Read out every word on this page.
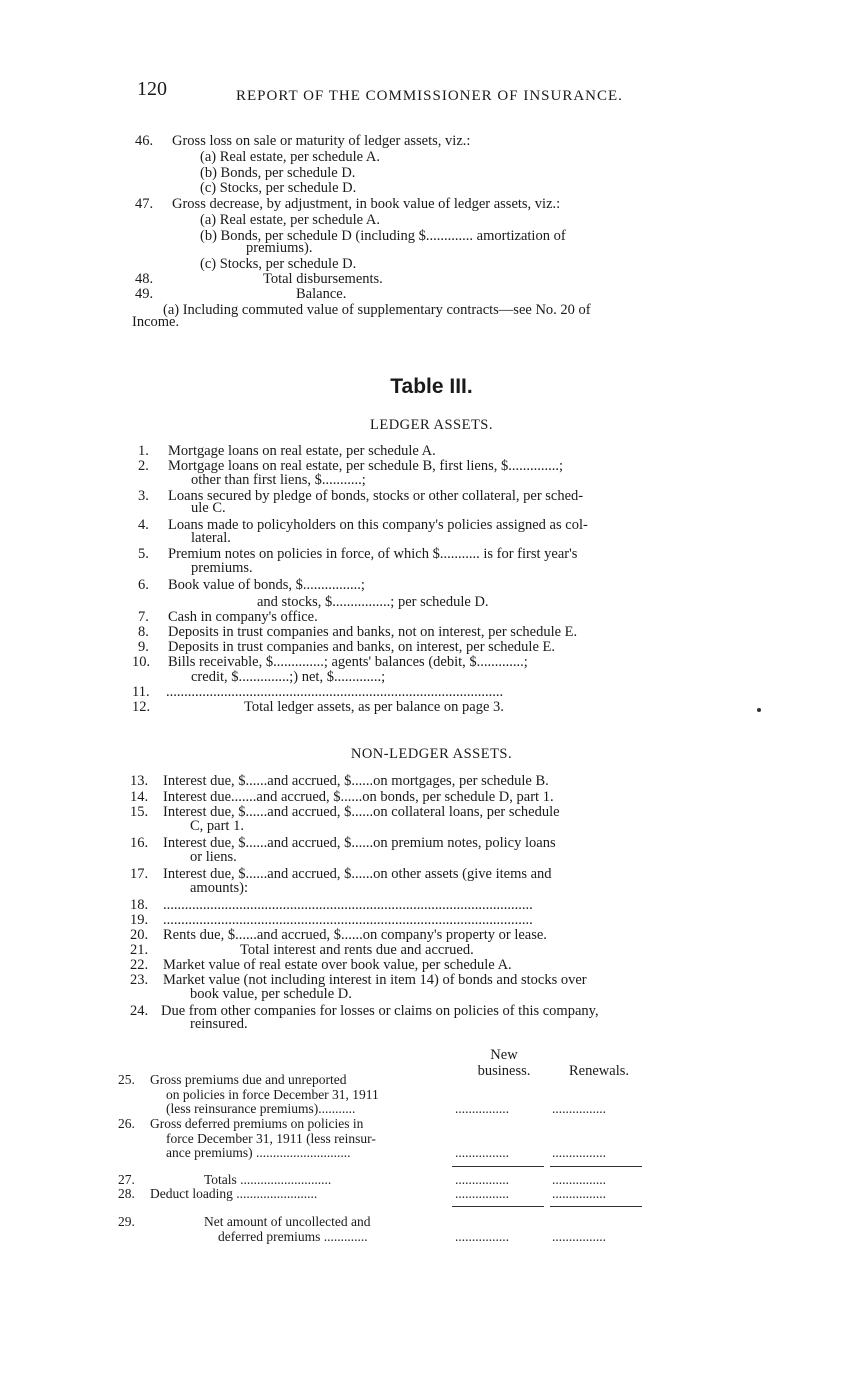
120	REPORT OF THE COMMISSIONER OF INSURANCE.
46. Gross loss on sale or maturity of ledger assets, viz.:
(a) Real estate, per schedule A.
(b) Bonds, per schedule D.
(c) Stocks, per schedule D.
47. Gross decrease, by adjustment, in book value of ledger assets, viz.:
(a) Real estate, per schedule A.
(b) Bonds, per schedule D (including $............. amortization of
premiums).
(c) Stocks, per schedule D.
48.	Total disbursements.
49.	Balance.
(a) Including commuted value of supplementary contracts—see No. 20 of
Income.
Table III.
LEDGER ASSETS.
1. Mortgage loans on real estate, per schedule A.
2. Mortgage loans on real estate, per schedule B, first liens, $..............;
other than first liens, $...........;
3. Loans secured by pledge of bonds, stocks or other collateral, per sched-
ule C.
4. Loans made to policyholders on this company's policies assigned as col-
lateral.
5. Premium notes on policies in force, of which $........... is for first year's
premiums.
6. Book value of bonds, $................;
and stocks, $................; per schedule D.
7. Cash in company's office.
8. Deposits in trust companies and banks, not on interest, per schedule E.
9. Deposits in trust companies and banks, on interest, per schedule E.
10. Bills receivable, $..............; agents' balances (debit, $.............;
credit, $..............;) net, $.............;
11. .............................................................................................
12.	Total ledger assets, as per balance on page 3.
NON-LEDGER ASSETS.
13. Interest due, $......and accrued, $......on mortgages, per schedule B.
14. Interest due.......and accrued, $......on bonds, per schedule D, part 1.
15. Interest due, $......and accrued, $......on collateral loans, per schedule
C, part 1.
16. Interest due, $......and accrued, $......on premium notes, policy loans
or liens.
17. Interest due, $......and accrued, $......on other assets (give items and
amounts):
18. ......................................................................................................
19. ......................................................................................................
20. Rents due, $......and accrued, $......on company's property or lease.
21.	Total interest and rents due and accrued.
22. Market value of real estate over book value, per schedule A.
23. Market value (not including interest in item 14) of bonds and stocks over
book value, per schedule D.
24. Due from other companies for losses or claims on policies of this company,
reinsured.
New
business.	Renewals.
25. Gross premiums due and unreported
on policies in force December 31, 1911
(less reinsurance premiums)...........	................	................
26. Gross deferred premiums on policies in
force December 31, 1911 (less reinsur-
ance premiums) ............................	................	................
27.	Totals ...........................	................	................
28. Deduct loading ........................	................	................
29.	Net amount of uncollected and
deferred premiums .............	................	................
